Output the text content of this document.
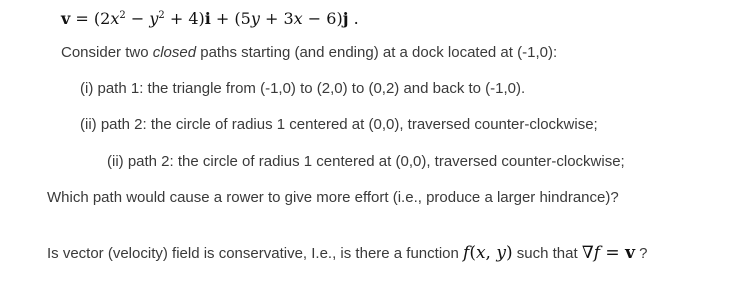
$v = (2x^2 - y^2 + 4)i + (5y + 3x - 6)j$ .
Consider two closed paths starting (and ending) at a dock located at (-1,0):
(i) path 1: the triangle from (-1,0) to (2,0) to (0,2) and back to (-1,0).
(ii) path 2: the circle of radius 1 centered at (0,0), traversed counter-clockwise;
(ii) path 2: the circle of radius 1 centered at (0,0), traversed counter-clockwise;
Which path would cause a rower to give more effort (i.e., produce a larger hindrance)?
Is vector (velocity) field is conservative, I.e., is there a function f(x, y) such that ∇f = v ?
